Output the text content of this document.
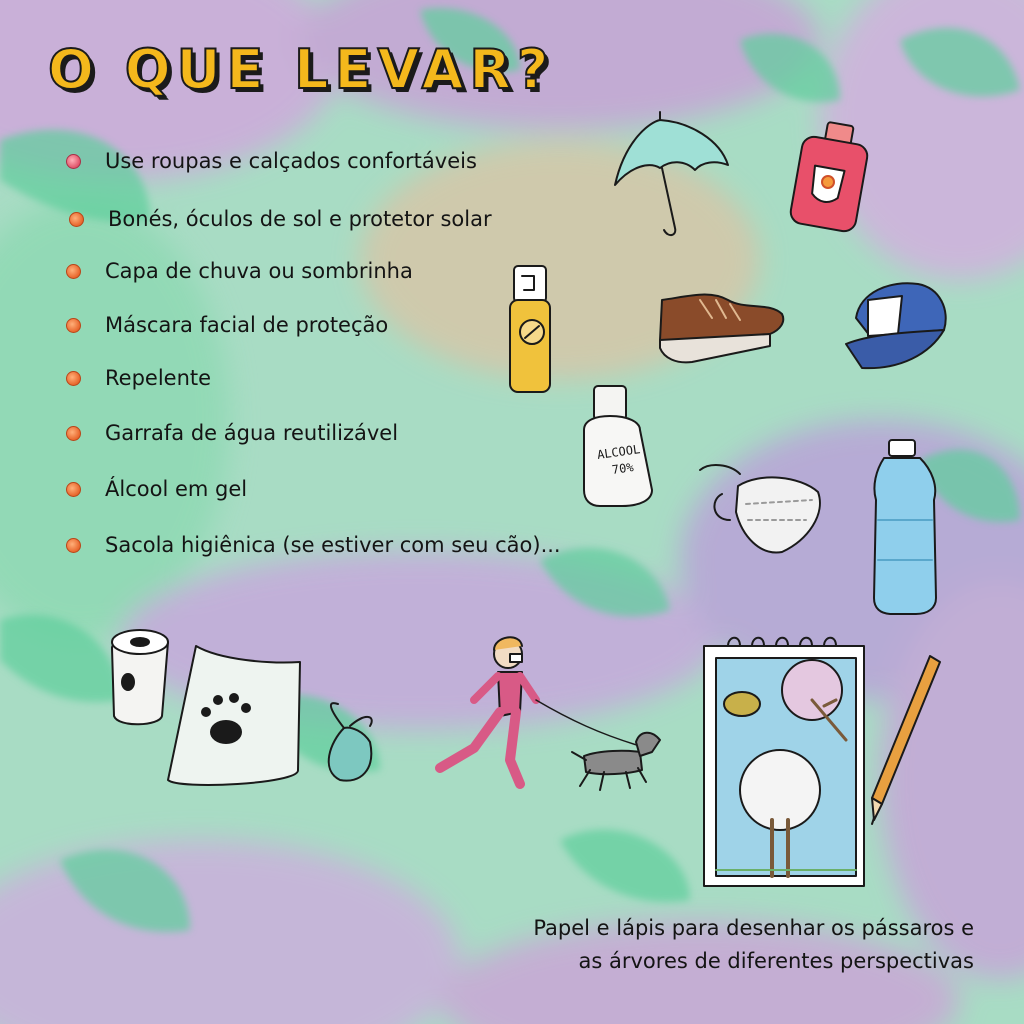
O QUE LEVAR?
Use roupas e calçados confortáveis
Bonés, óculos de sol e protetor solar
Capa de chuva ou sombrinha
Máscara facial de proteção
Repelente
Garrafa de água reutilizável
Álcool em gel
Sacola higiênica (se estiver com seu cão)...
ALCOOL
70%

Papel e lápis para desenhar os pássaros e
as árvores de diferentes perspectivas
